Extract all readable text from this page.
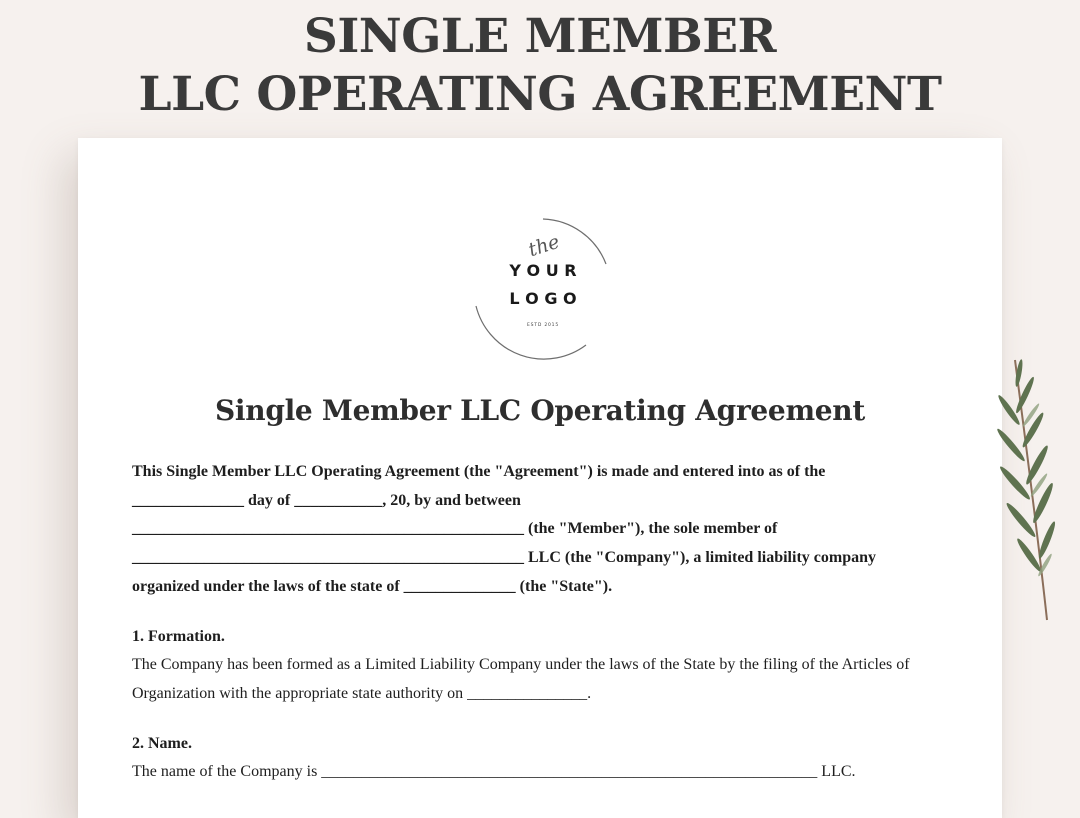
SINGLE MEMBER
LLC OPERATING AGREEMENT
the
Y O U R
L O G O
ESTD 2015
Single Member LLC Operating Agreement
This Single Member LLC Operating Agreement (the "Agreement") is made and entered into as of the
______________ day of ___________, 20, by and between
_________________________________________________ (the "Member"), the sole member of
_________________________________________________ LLC (the "Company"), a limited liability company
organized under the laws of the state of ______________ (the "State").
1. Formation.
The Company has been formed as a Limited Liability Company under the laws of the State by the filing of the Articles of
Organization with the appropriate state authority on _______________.
2. Name.
The name of the Company is ______________________________________________________________ LLC.
